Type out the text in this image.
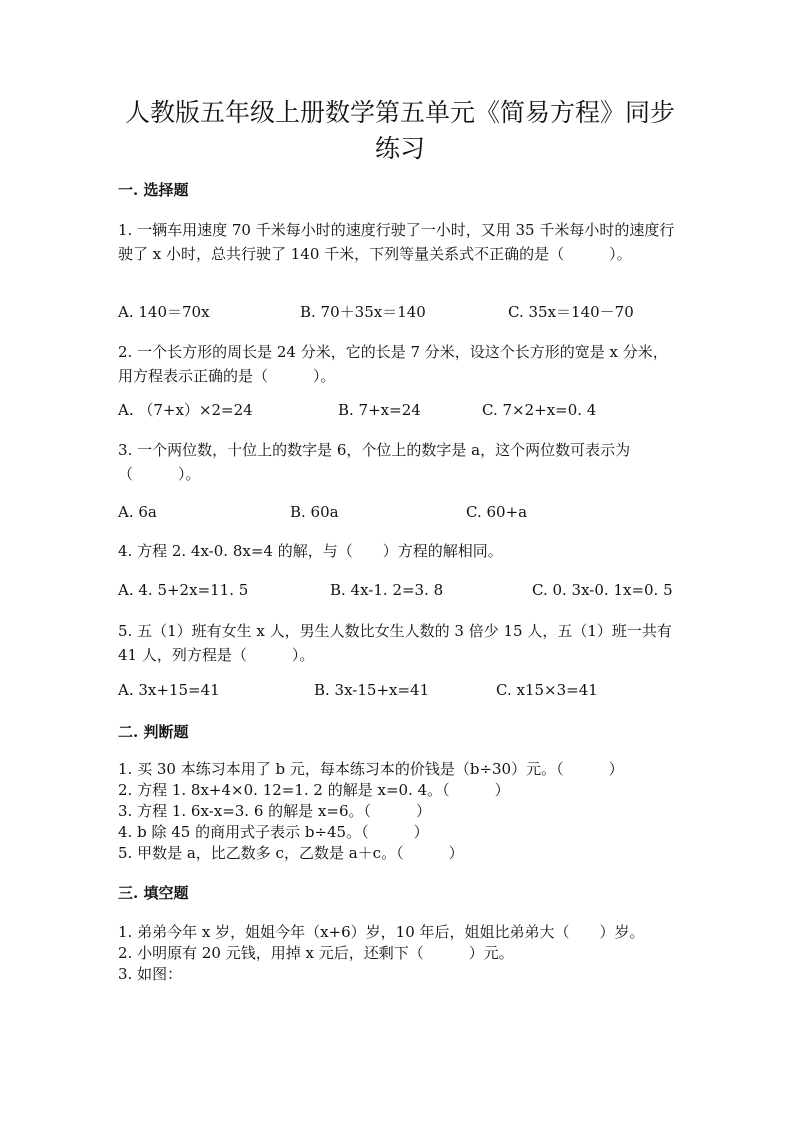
人教版五年级上册数学第五单元《简易方程》同步
练习
一. 选择题
1. 一辆车用速度 70 千米每小时的速度行驶了一小时，又用 35 千米每小时的速度行驶了 x 小时，总共行驶了 140 千米，下列等量关系式不正确的是（　　　）。
A. 140＝70x	B. 70＋35x＝140	C. 35x＝140－70
2. 一个长方形的周长是 24 分米，它的长是 7 分米，设这个长方形的宽是 x 分米，用方程表示正确的是（　　　）。
A. （7+x）×2=24	B. 7+x=24	C. 7×2+x=0. 4
3. 一个两位数，十位上的数字是 6，个位上的数字是 a，这个两位数可表示为（　　　）。
A. 6a	B. 60a	C. 60+a
4. 方程 2. 4x-0. 8x=4 的解，与（　　）方程的解相同。
A. 4. 5+2x=11. 5	B. 4x-1. 2=3. 8	C. 0. 3x-0. 1x=0. 5
5. 五（1）班有女生 x 人，男生人数比女生人数的 3 倍少 15 人，五（1）班一共有 41 人，列方程是（　　　）。
A. 3x+15=41	B. 3x-15+x=41	C. x15×3=41
二. 判断题
1. 买 30 本练习本用了 b 元，每本练习本的价钱是（b÷30）元。（　　　）
2. 方程 1. 8x+4×0. 12=1. 2 的解是 x=0. 4。（　　　）
3. 方程 1. 6x-x=3. 6 的解是 x=6。（　　　）
4. b 除 45 的商用式子表示 b÷45。（　　　）
5. 甲数是 a，比乙数多 c，乙数是 a＋c。（　　　）
三. 填空题
1. 弟弟今年 x 岁，姐姐今年（x+6）岁，10 年后，姐姐比弟弟大（　　）岁。
2. 小明原有 20 元钱，用掉 x 元后，还剩下（　　　）元。
3. 如图：
